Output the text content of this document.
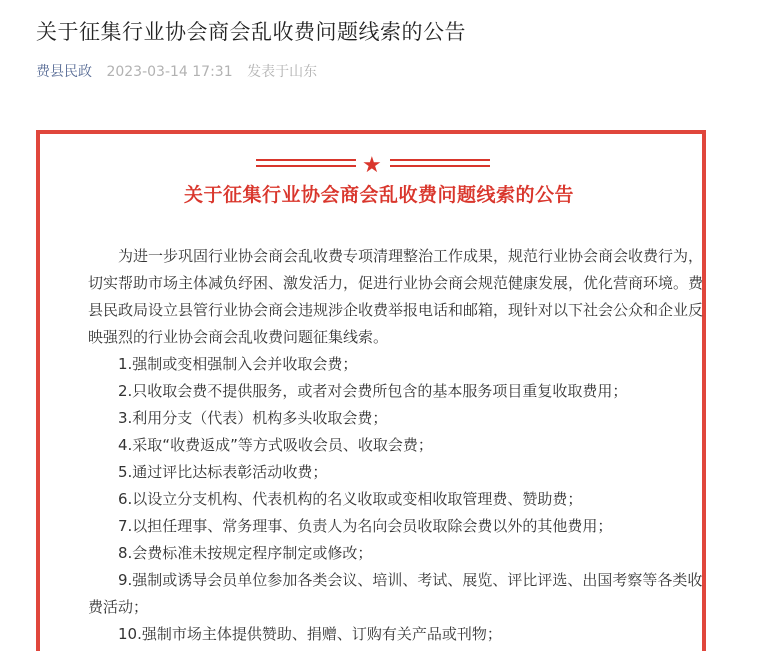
关于征集行业协会商会乱收费问题线索的公告
费县民政 2023-03-14 17:31 发表于山东
★
关于征集行业协会商会乱收费问题线索的公告

为进一步巩固行业协会商会乱收费专项清理整治工作成果，规范行业协会商会收费行为，切实帮助市场主体减负纾困、激发活力，促进行业协会商会规范健康发展，优化营商环境。费县民政局设立县管行业协会商会违规涉企收费举报电话和邮箱，现针对以下社会公众和企业反映强烈的行业协会商会乱收费问题征集线索。

1.强制或变相强制入会并收取会费；

2.只收取会费不提供服务，或者对会费所包含的基本服务项目重复收取费用；

3.利用分支（代表）机构多头收取会费；

4.采取“收费返成”等方式吸收会员、收取会费；

5.通过评比达标表彰活动收费；

6.以设立分支机构、代表机构的名义收取或变相收取管理费、赞助费；

7.以担任理事、常务理事、负责人为名向会员收取除会费以外的其他费用；

8.会费标准未按规定程序制定或修改；

9.强制或诱导会员单位参加各类会议、培训、考试、展览、评比评选、出国考察等各类收费活动；

10.强制市场主体提供赞助、捐赠、订购有关产品或刊物；
